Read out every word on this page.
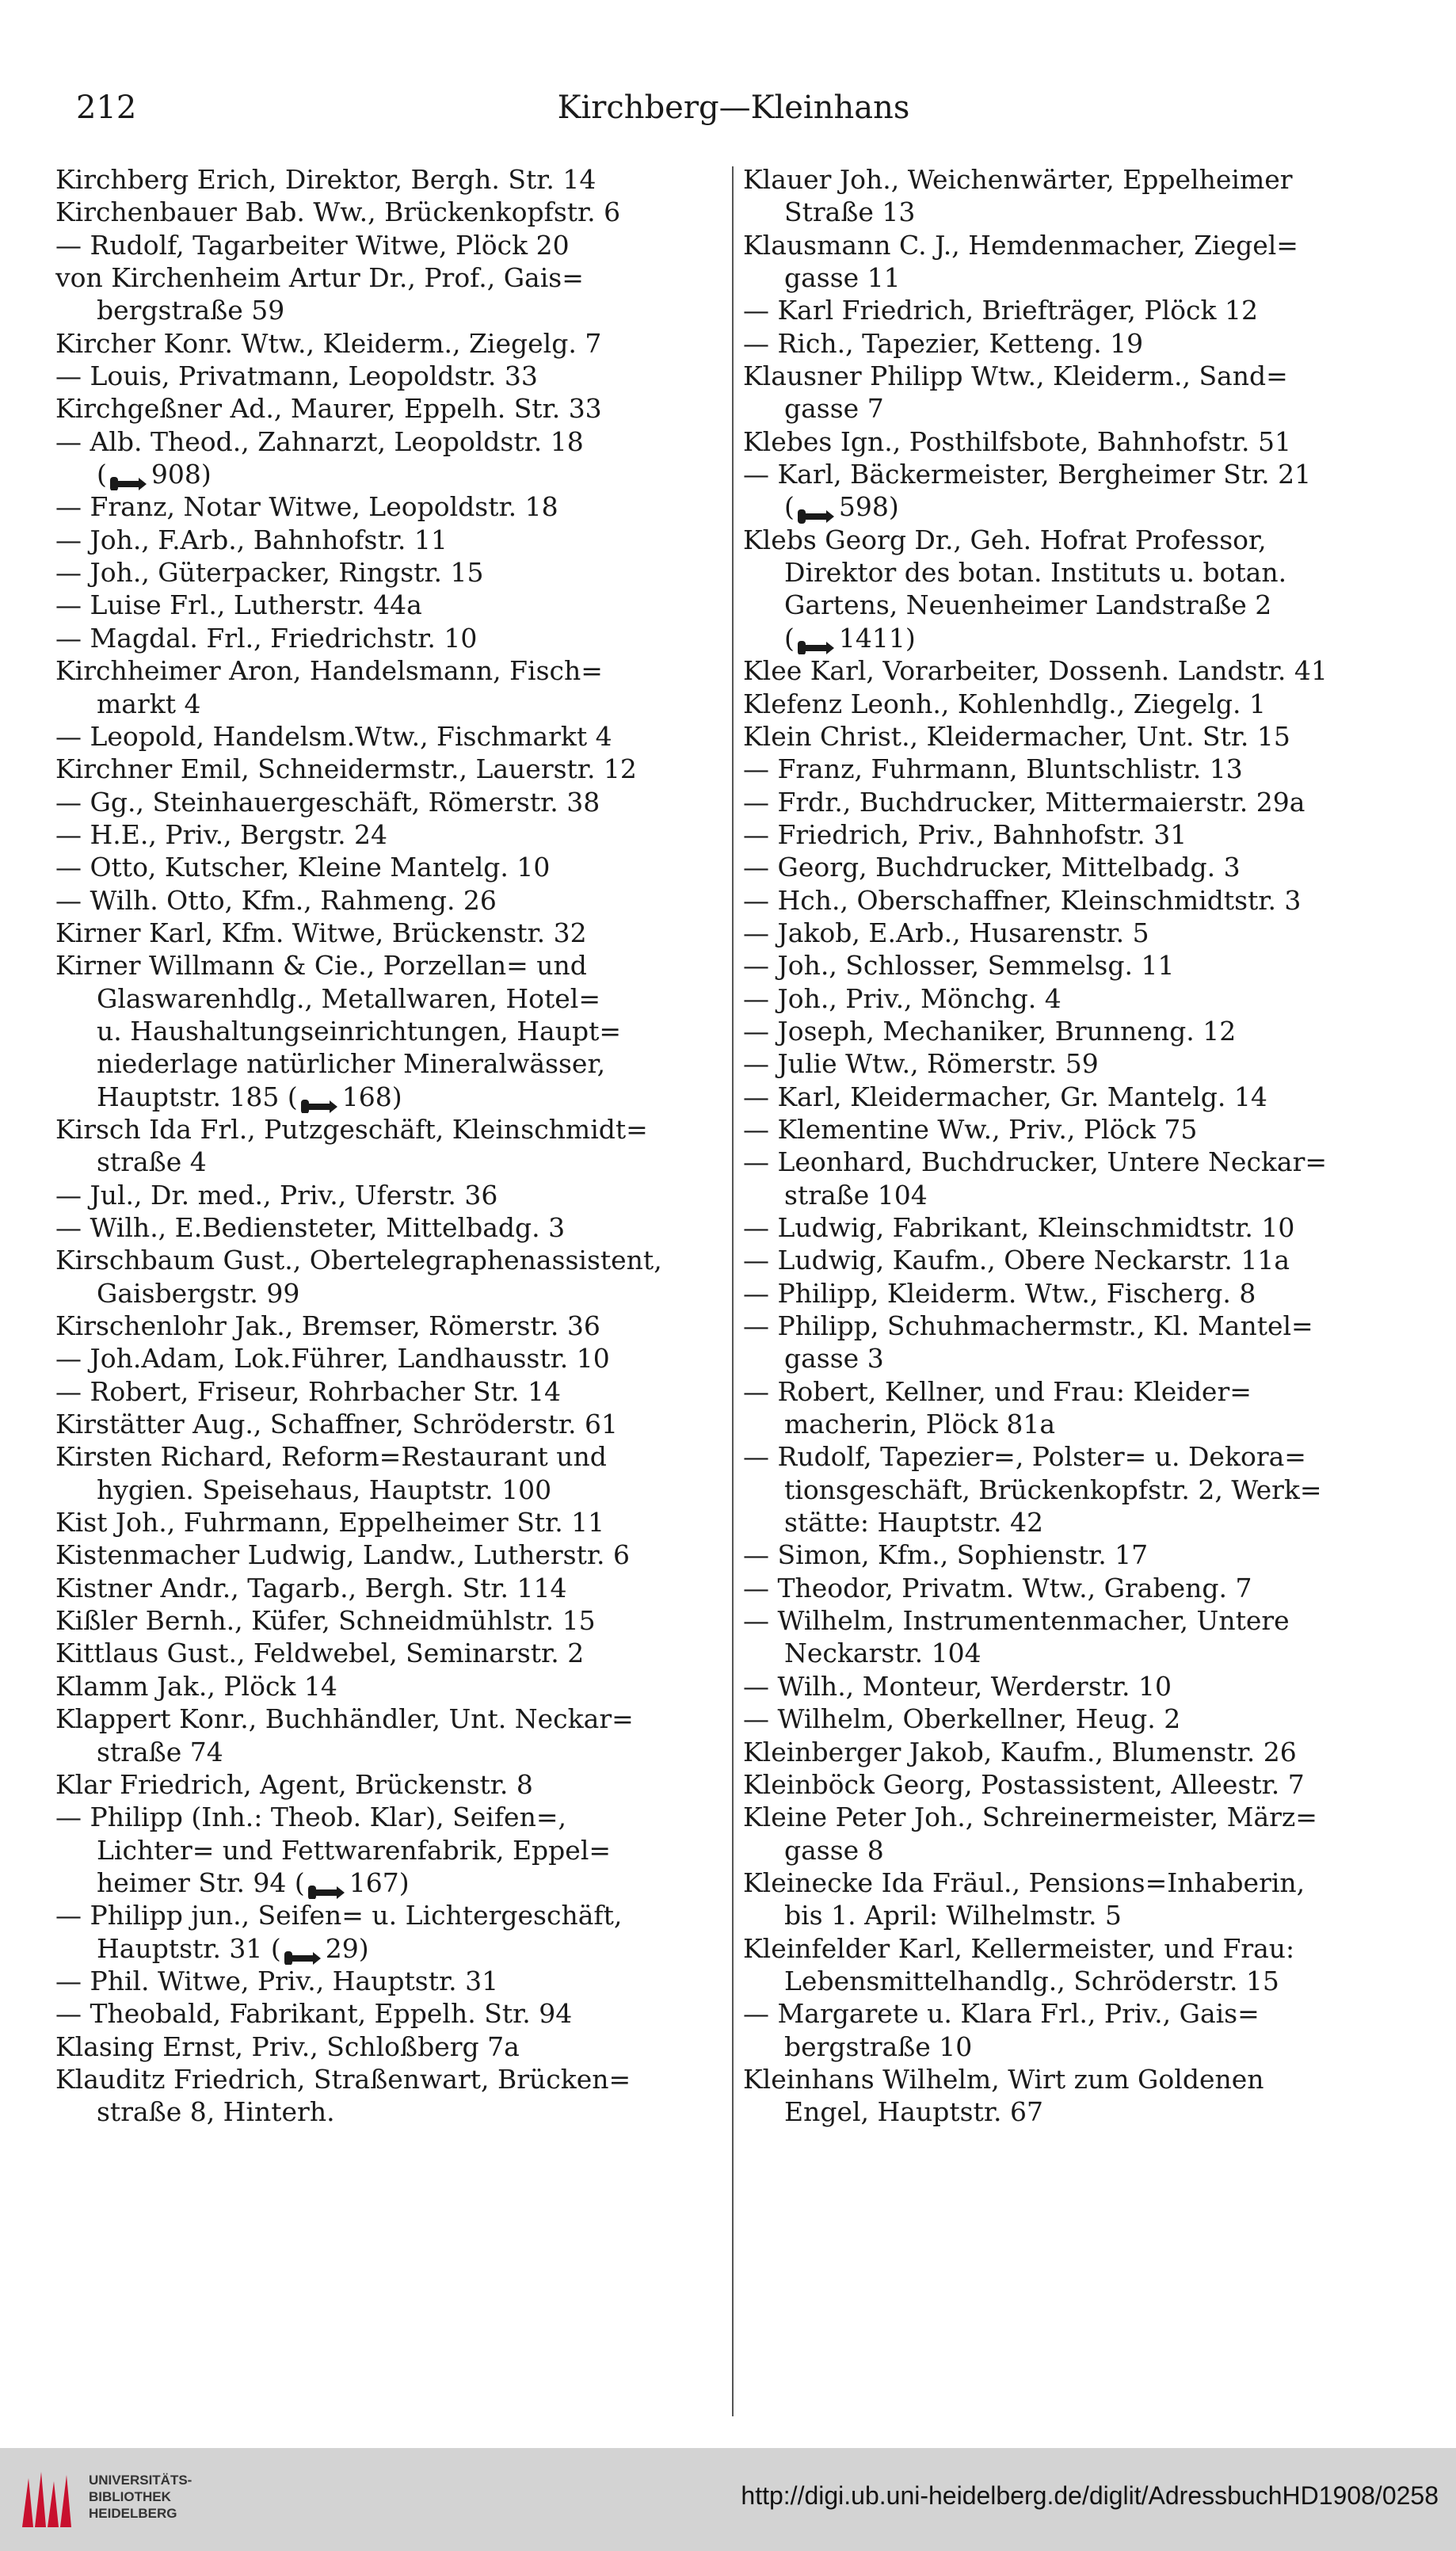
212	Kirchberg—Kleinhans
Kirchberg Erich, Direktor, Bergh. Str. 14
Kirchenbauer Bab. Ww., Brückenkopfstr. 6
— Rudolf, Tagarbeiter Witwe, Plöck 20
von Kirchenheim Artur Dr., Prof., Gais=
bergstraße 59
Kircher Konr. Wtw., Kleiderm., Ziegelg. 7
— Louis, Privatmann, Leopoldstr. 33
Kirchgeßner Ad., Maurer, Eppelh. Str. 33
— Alb. Theod., Zahnarzt, Leopoldstr. 18
( 908)
— Franz, Notar Witwe, Leopoldstr. 18
— Joh., F.Arb., Bahnhofstr. 11
— Joh., Güterpacker, Ringstr. 15
— Luise Frl., Lutherstr. 44a
— Magdal. Frl., Friedrichstr. 10
Kirchheimer Aron, Handelsmann, Fisch=
markt 4
— Leopold, Handelsm.Wtw., Fischmarkt 4
Kirchner Emil, Schneidermstr., Lauerstr. 12
— Gg., Steinhauergeschäft, Römerstr. 38
— H.E., Priv., Bergstr. 24
— Otto, Kutscher, Kleine Mantelg. 10
— Wilh. Otto, Kfm., Rahmeng. 26
Kirner Karl, Kfm. Witwe, Brückenstr. 32
Kirner Willmann & Cie., Porzellan= und
Glaswarenhdlg., Metallwaren, Hotel=
u. Haushaltungseinrichtungen, Haupt=
niederlage natürlicher Mineralwässer,
Hauptstr. 185 ( 168)
Kirsch Ida Frl., Putzgeschäft, Kleinschmidt=
straße 4
— Jul., Dr. med., Priv., Uferstr. 36
— Wilh., E.Bediensteter, Mittelbadg. 3
Kirschbaum Gust., Obertelegraphenassistent,
Gaisbergstr. 99
Kirschenlohr Jak., Bremser, Römerstr. 36
— Joh.Adam, Lok.Führer, Landhausstr. 10
— Robert, Friseur, Rohrbacher Str. 14
Kirstätter Aug., Schaffner, Schröderstr. 61
Kirsten Richard, Reform=Restaurant und
hygien. Speisehaus, Hauptstr. 100
Kist Joh., Fuhrmann, Eppelheimer Str. 11
Kistenmacher Ludwig, Landw., Lutherstr. 6
Kistner Andr., Tagarb., Bergh. Str. 114
Kißler Bernh., Küfer, Schneidmühlstr. 15
Kittlaus Gust., Feldwebel, Seminarstr. 2
Klamm Jak., Plöck 14
Klappert Konr., Buchhändler, Unt. Neckar=
straße 74
Klar Friedrich, Agent, Brückenstr. 8
— Philipp (Inh.: Theob. Klar), Seifen=,
Lichter= und Fettwarenfabrik, Eppel=
heimer Str. 94 ( 167)
— Philipp jun., Seifen= u. Lichtergeschäft,
Hauptstr. 31 ( 29)
— Phil. Witwe, Priv., Hauptstr. 31
— Theobald, Fabrikant, Eppelh. Str. 94
Klasing Ernst, Priv., Schloßberg 7a
Klauditz Friedrich, Straßenwart, Brücken=
straße 8, Hinterh.
Klauer Joh., Weichenwärter, Eppelheimer
Straße 13
Klausmann C. J., Hemdenmacher, Ziegel=
gasse 11
— Karl Friedrich, Briefträger, Plöck 12
— Rich., Tapezier, Ketteng. 19
Klausner Philipp Wtw., Kleiderm., Sand=
gasse 7
Klebes Ign., Posthilfsbote, Bahnhofstr. 51
— Karl, Bäckermeister, Bergheimer Str. 21
( 598)
Klebs Georg Dr., Geh. Hofrat Professor,
Direktor des botan. Instituts u. botan.
Gartens, Neuenheimer Landstraße 2
( 1411)
Klee Karl, Vorarbeiter, Dossenh. Landstr. 41
Klefenz Leonh., Kohlenhdlg., Ziegelg. 1
Klein Christ., Kleidermacher, Unt. Str. 15
— Franz, Fuhrmann, Bluntschlistr. 13
— Frdr., Buchdrucker, Mittermaierstr. 29a
— Friedrich, Priv., Bahnhofstr. 31
— Georg, Buchdrucker, Mittelbadg. 3
— Hch., Oberschaffner, Kleinschmidtstr. 3
— Jakob, E.Arb., Husarenstr. 5
— Joh., Schlosser, Semmelsg. 11
— Joh., Priv., Mönchg. 4
— Joseph, Mechaniker, Brunneng. 12
— Julie Wtw., Römerstr. 59
— Karl, Kleidermacher, Gr. Mantelg. 14
— Klementine Ww., Priv., Plöck 75
— Leonhard, Buchdrucker, Untere Neckar=
straße 104
— Ludwig, Fabrikant, Kleinschmidtstr. 10
— Ludwig, Kaufm., Obere Neckarstr. 11a
— Philipp, Kleiderm. Wtw., Fischerg. 8
— Philipp, Schuhmachermstr., Kl. Mantel=
gasse 3
— Robert, Kellner, und Frau: Kleider=
macherin, Plöck 81a
— Rudolf, Tapezier=, Polster= u. Dekora=
tionsgeschäft, Brückenkopfstr. 2, Werk=
stätte: Hauptstr. 42
— Simon, Kfm., Sophienstr. 17
— Theodor, Privatm. Wtw., Grabeng. 7
— Wilhelm, Instrumentenmacher, Untere
Neckarstr. 104
— Wilh., Monteur, Werderstr. 10
— Wilhelm, Oberkellner, Heug. 2
Kleinberger Jakob, Kaufm., Blumenstr. 26
Kleinböck Georg, Postassistent, Alleestr. 7
Kleine Peter Joh., Schreinermeister, März=
gasse 8
Kleinecke Ida Fräul., Pensions=Inhaberin,
bis 1. April: Wilhelmstr. 5
Kleinfelder Karl, Kellermeister, und Frau:
Lebensmittelhandlg., Schröderstr. 15
— Margarete u. Klara Frl., Priv., Gais=
bergstraße 10
Kleinhans Wilhelm, Wirt zum Goldenen
Engel, Hauptstr. 67
UNIVERSITÄTS-
BIBLIOTHEK
HEIDELBERG
http://digi.ub.uni-heidelberg.de/diglit/AdressbuchHD1908/0258
